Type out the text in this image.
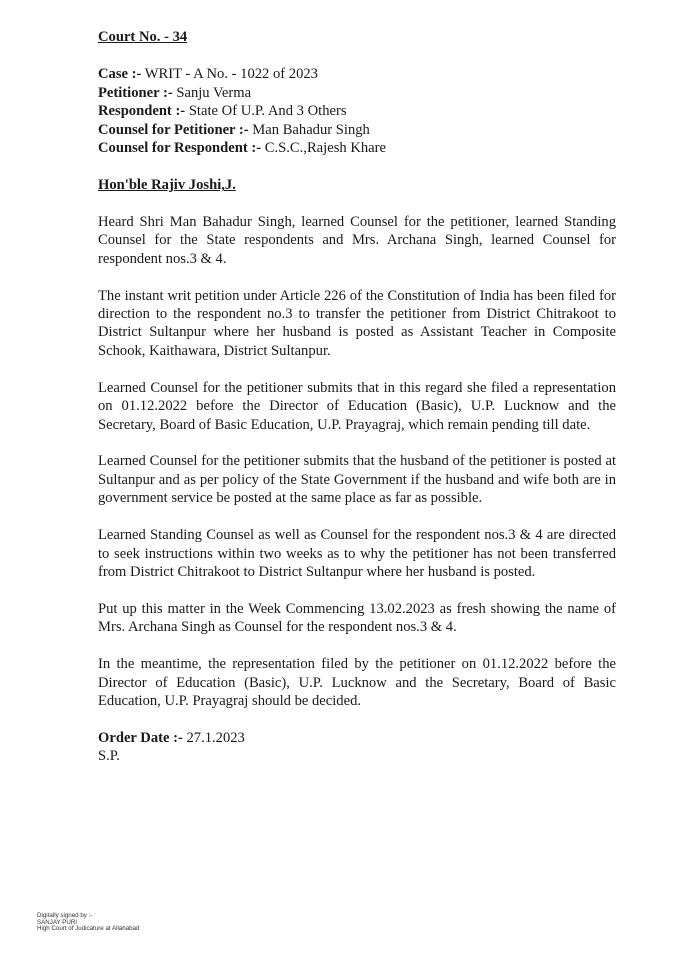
Court No. - 34

Case :- WRIT - A No. - 1022 of 2023

Petitioner :- Sanju Verma

Respondent :- State Of U.P. And 3 Others

Counsel for Petitioner :- Man Bahadur Singh

Counsel for Respondent :- C.S.C.,Rajesh Khare

Hon'ble Rajiv Joshi,J.

Heard Shri Man Bahadur Singh, learned Counsel for the petitioner, learned Standing Counsel for the State respondents and Mrs. Archana Singh, learned Counsel for respondent nos.3 & 4.

The instant writ petition under Article 226 of the Constitution of India has been filed for direction to the respondent no.3 to transfer the petitioner from District Chitrakoot to District Sultanpur where her husband is posted as Assistant Teacher in Composite Schook, Kaithawara, District Sultanpur.

Learned Counsel for the petitioner submits that in this regard she filed a representation on 01.12.2022 before the Director of Education (Basic), U.P. Lucknow and the Secretary, Board of Basic Education, U.P. Prayagraj, which remain pending till date.

Learned Counsel for the petitioner submits that the husband of the petitioner is posted at Sultanpur and as per policy of the State Government if the husband and wife both are in government service be posted at the same place as far as possible.

Learned Standing Counsel as well as Counsel for the respondent nos.3 & 4 are directed to seek instructions within two weeks as to why the petitioner has not been transferred from District Chitrakoot to District Sultanpur where her husband is posted.

Put up this matter in the Week Commencing 13.02.2023 as fresh showing the name of Mrs. Archana Singh as Counsel for the respondent nos.3 & 4.

In the meantime, the representation filed by the petitioner on 01.12.2022 before the Director of Education (Basic), U.P. Lucknow and the Secretary, Board of Basic Education, U.P. Prayagraj should be decided.

Order Date :- 27.1.2023

S.P.

Digitally signed by :-
SANJAY PURI
High Court of Judicature at Allahabad
